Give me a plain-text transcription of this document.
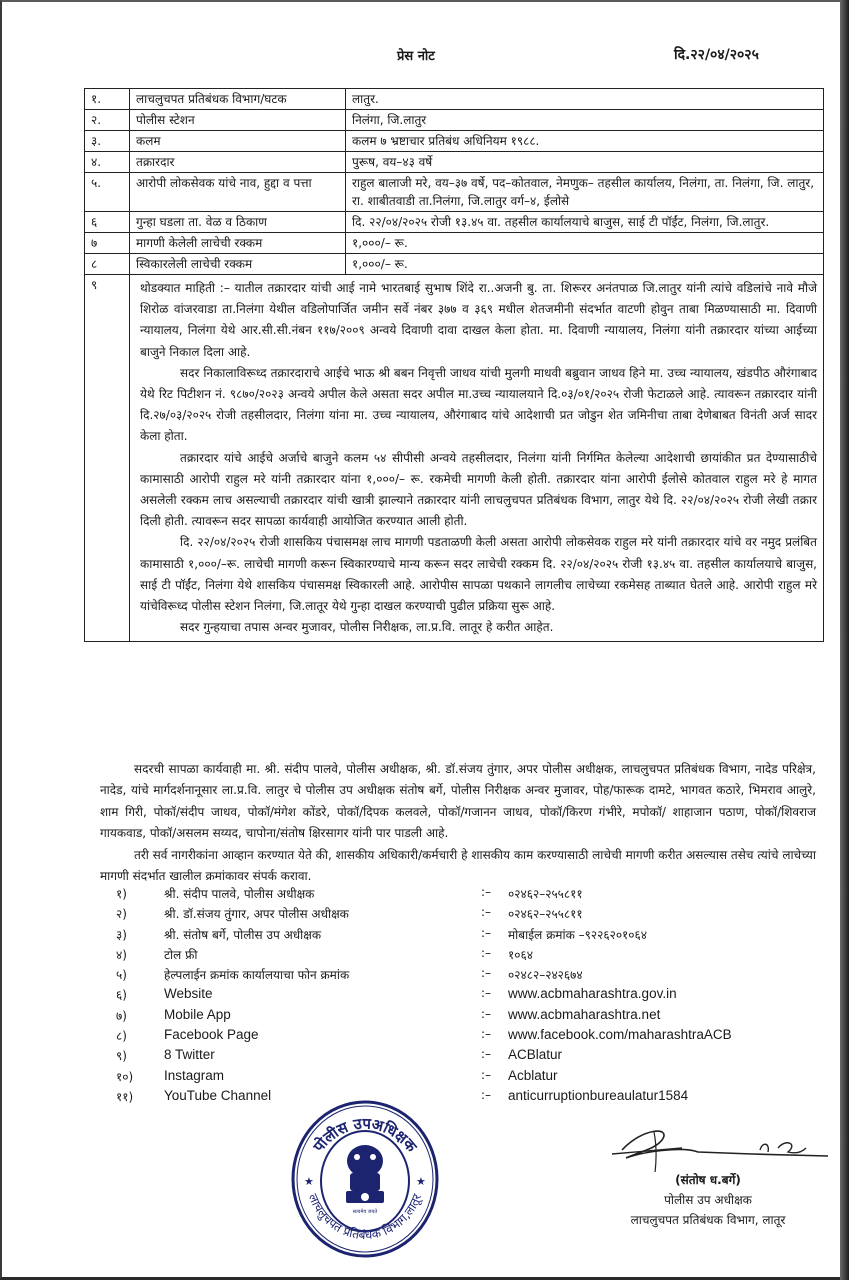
प्रेस नोट	दि.२२/०४/२०२५
१.	लाचलुचपत प्रतिबंधक विभाग/घटक	लातुर.
२.	पोलीस स्टेशन	निलंगा, जि.लातुर
३.	कलम	कलम ७ भ्रष्टाचार प्रतिबंध अधिनियम १९८८.
४.	तक्रारदार	पुरूष, वय–४३ वर्षे
५.	आरोपी लोकसेवक यांचे नाव, हुद्दा व पत्ता	राहुल बालाजी मरे, वय–३७ वर्षे, पद–कोतवाल, नेमणुक– तहसील कार्यालय, निलंगा, ता. निलंगा, जि. लातुर, रा. शाबीतवाडी ता.निलंगा, जि.लातुर वर्ग–४, ईलोसे
६	गुन्हा घडला ता. वेळ व ठिकाण	दि. २२/०४/२०२५ रोजी १३.४५ वा. तहसील कार्यालयाचे बाजुस, साई टी पॉईंट, निलंगा, जि.लातुर.
७	मागणी केलेली लाचेची रक्कम	१,०००/– रू.
८	स्विकारलेली लाचेची रक्कम	१,०००/– रू.
९	थोडक्यात माहिती :– यातील तक्रारदार यांची आई नामे भारतबाई सुभाष शिंदे रा..अजनी बु. ता. शिरूरर अनंतपाळ जि.लातुर यांनी त्यांचे वडिलांचे नावे मौजे शिरोळ वांजरवाडा ता.निलंगा येथील वडिलोपार्जित जमीन सर्वे नंबर ३७७ व ३६९ मधील शेतजमीनी संदर्भात वाटणी होवुन ताबा मिळण्यासाठी मा. दिवाणी न्यायालय, निलंगा येथे आर.सी.सी.नंबन ११७/२००९ अन्वये दिवाणी दावा दाखल केला होता. मा. दिवाणी न्यायालय, निलंगा यांनी तक्रारदार यांच्या आईच्या बाजुने निकाल दिला आहे.

सदर निकालाविरूध्द तक्रारदाराचे आईचे भाऊ श्री बबन निवृत्ती जाधव यांची मुलगी माधवी बब्रुवान जाधव हिने मा. उच्च न्यायालय, खंडपीठ औरंगाबाद येथे रिट पिटीशन नं. ९८७०/२०२३ अन्वये अपील केले असता सदर अपील मा.उच्च न्यायालयाने दि.०३/०१/२०२५ रोजी फेटाळले आहे. त्यावरून तक्रारदार यांनी दि.२७/०३/२०२५ रोजी तहसीलदार, निलंगा यांना मा. उच्च न्यायालय, औरंगाबाद यांचे आदेशाची प्रत जोडुन शेत जमिनीचा ताबा देणेबाबत विनंती अर्ज सादर केला होता.

तक्रारदार यांचे आईचे अर्जाचे बाजुने कलम ५४ सीपीसी अन्वये तहसीलदार, निलंगा यांनी निर्गमित केलेल्या आदेशाची छायांकीत प्रत देण्यासाठीचे कामासाठी आरोपी राहुल मरे यांनी तक्रारदार यांना १,०००/– रू. रकमेची मागणी केली होती. तक्रारदार यांना आरोपी ईलोसे कोतवाल राहुल मरे हे मागत असलेली रक्कम लाच असल्याची तक्रारदार यांची खात्री झाल्याने तक्रारदार यांनी लाचलुचपत प्रतिबंधक विभाग, लातुर येथे दि. २२/०४/२०२५ रोजी लेखी तक्रार दिली होती. त्यावरून सदर सापळा कार्यवाही आयोजित करण्यात आली होती.

दि. २२/०४/२०२५ रोजी शासकिय पंचासमक्ष लाच मागणी पडताळणी केली असता आरोपी लोकसेवक राहुल मरे यांनी तक्रारदार यांचे वर नमुद प्रलंबित कामासाठी १,०००/–रू. लाचेची मागणी करून स्विकारण्याचे मान्य करून सदर लाचेची रक्कम दि. २२/०४/२०२५ रोजी १३.४५ वा. तहसील कार्यालयाचे बाजुस, साई टी पॉईंट, निलंगा येथे शासकिय पंचासमक्ष स्विकारली आहे. आरोपीस सापळा पथकाने लागलीच लाचेच्या रकमेसह ताब्यात घेतले आहे. आरोपी राहुल मरे यांचेविरूध्द पोलीस स्टेशन निलंगा, जि.लातूर येथे गुन्हा दाखल करण्याची पुढील प्रक्रिया सुरू आहे.

सदर गुन्हयाचा तपास अन्वर मुजावर, पोलीस निरीक्षक, ला.प्र.वि. लातूर हे करीत आहेत.	

सदरची सापळा कार्यवाही मा. श्री. संदीप पालवे, पोलीस अधीक्षक, श्री. डॉ.संजय तुंगार, अपर पोलीस अधीक्षक, लाचलुचपत प्रतिबंधक विभाग, नादेड परिक्षेत्र, नादेड, यांचे मार्गदर्शनानूसार ला.प्र.वि. लातुर चे पोलीस उप अधीक्षक संतोष बर्गे, पोलीस निरीक्षक अन्वर मुजावर, पोह/फारूक दामटे, भागवत कठारे, भिमराव आलुरे, शाम गिरी, पोकॉ/संदीप जाधव, पोकॉ/मंगेश कोंडरे, पोकॉ/दिपक कलवले, पोकॉ/गजानन जाधव, पोकॉ/किरण गंभीरे, मपोकॉ/ शाहाजान पठाण, पोकॉ/शिवराज गायकवाड, पोकॉ/असलम सय्यद, चापोना/संतोष क्षिरसागर यांनी पार पाडली आहे.

तरी सर्व नागरीकांना आव्हान करण्यात येते की, शासकीय अधिकारी/कर्मचारी हे शासकीय काम करण्यासाठी लाचेची मागणी करीत असल्यास तसेच त्यांचे लाचेच्या मागणी संदर्भात खालील क्रमांकावर संपर्क करावा.

१)	श्री. संदीप पालवे, पोलीस अधीक्षक	:– ०२४६२–२५५८११
२)	श्री. डॉ.संजय तुंगार, अपर पोलीस अधीक्षक	:– ०२४६२–२५५८११
३)	श्री. संतोष बर्गे, पोलीस उप अधीक्षक	:– मोबाईल क्रमांक –९२२६२०१०६४
४)	टोल फ्री	:– १०६४
५)	हेल्पलाईन क्रमांक कार्यालयाचा फोन क्रमांक	:– ०२४८२–२४२६७४
६)	Website	:– www.acbmaharashtra.gov.in
७)	Mobile App	:– www.acbmaharashtra.net
८)	Facebook Page	:– www.facebook.com/maharashtraACB
९)	8 Twitter	:– ACBlatur
१०) Instagram	:– Acblatur
११) YouTube Channel	:– anticurruptionbureaulatur1584
पोलीस उपअधिक्षक
लाचलुचपत प्रतिबंधक विभाग,लातूर
★	★
सत्यमेव जयते
(संतोष ध.बर्गे)
पोलीस उप अधीक्षक
लाचलुचपत प्रतिबंधक विभाग, लातूर
